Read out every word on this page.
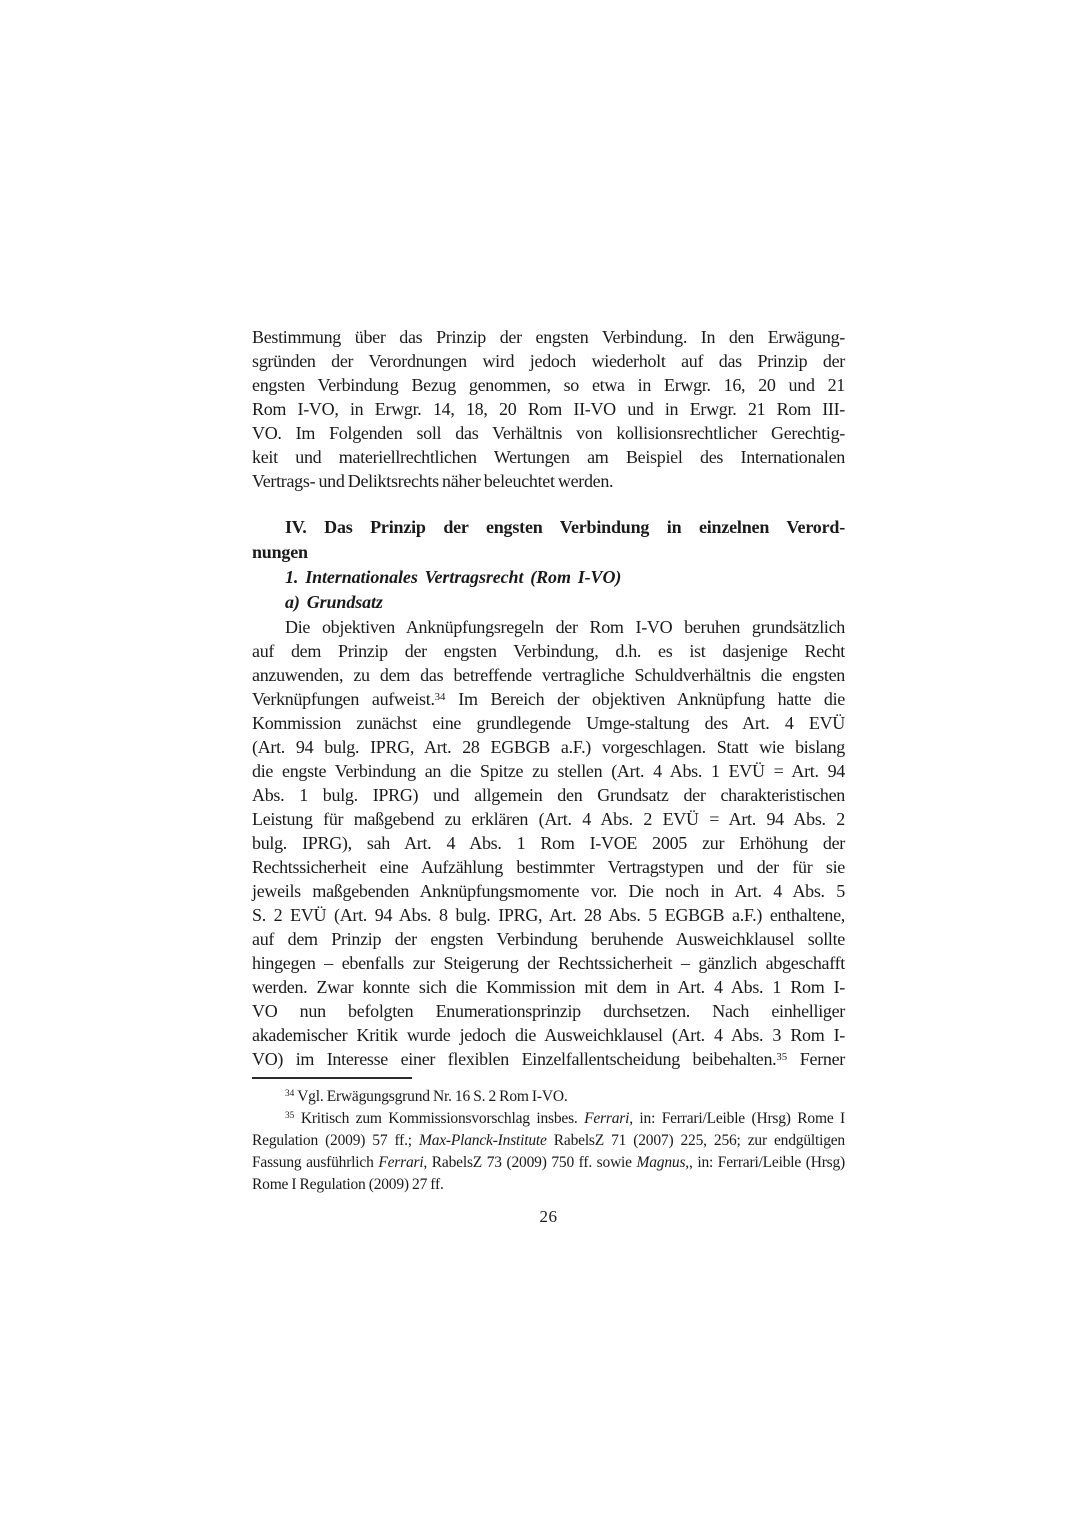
Bestimmung über das Prinzip der engsten Verbindung. In den Erwägung-
sgründen der Verordnungen wird jedoch wiederholt auf das Prinzip der
engsten Verbindung Bezug genommen, so etwa in Erwgr. 16, 20 und 21
Rom I-VO, in Erwgr. 14, 18, 20 Rom II-VO und in Erwgr. 21 Rom III-
VO. Im Folgenden soll das Verhältnis von kollisionsrechtlicher Gerechtig-
keit und materiellrechtlichen Wertungen am Beispiel des Internationalen
Vertrags- und Deliktsrechts näher beleuchtet werden.
IV. Das Prinzip der engsten Verbindung in einzelnen Verord-
nungen
1. Internationales Vertragsrecht (Rom I-VO)
a) Grundsatz
Die objektiven Anknüpfungsregeln der Rom I-VO beruhen grundsätzlich
auf dem Prinzip der engsten Verbindung, d.h. es ist dasjenige Recht
anzuwenden, zu dem das betreffende vertragliche Schuldverhältnis die engsten
Verknüpfungen aufweist.$^{34}$ Im Bereich der objektiven Anknüpfung hatte die
Kommission zunächst eine grundlegende Umge-staltung des Art. 4 EVÜ
(Art. 94 bulg. IPRG, Art. 28 EGBGB a.F.) vorgeschlagen. Statt wie bislang
die engste Verbindung an die Spitze zu stellen (Art. 4 Abs. 1 EVÜ = Art. 94
Abs. 1 bulg. IPRG) und allgemein den Grundsatz der charakteristischen
Leistung für maßgebend zu erklären (Art. 4 Abs. 2 EVÜ = Art. 94 Abs. 2
bulg. IPRG), sah Art. 4 Abs. 1 Rom I-VOE 2005 zur Erhöhung der
Rechtssicherheit eine Aufzählung bestimmter Vertragstypen und der für sie
jeweils maßgebenden Anknüpfungsmomente vor. Die noch in Art. 4 Abs. 5
S. 2 EVÜ (Art. 94 Abs. 8 bulg. IPRG, Art. 28 Abs. 5 EGBGB a.F.) enthaltene,
auf dem Prinzip der engsten Verbindung beruhende Ausweichklausel sollte
hingegen – ebenfalls zur Steigerung der Rechtssicherheit – gänzlich abgeschafft
werden. Zwar konnte sich die Kommission mit dem in Art. 4 Abs. 1 Rom I-
VO nun befolgten Enumerationsprinzip durchsetzen. Nach einhelliger
akademischer Kritik wurde jedoch die Ausweichklausel (Art. 4 Abs. 3 Rom I-
VO) im Interesse einer flexiblen Einzelfallentscheidung beibehalten.$^{35}$ Ferner
$^{34}$ Vgl. Erwägungsgrund Nr. 16 S. 2 Rom I-VO.
$^{35}$ Kritisch zum Kommissionsvorschlag insbes. Ferrari, in: Ferrari/Leible (Hrsg) Rome I Regulation (2009) 57 ff.; Max-Planck-Institute RabelsZ 71 (2007) 225, 256; zur endgültigen Fassung ausführlich Ferrari, RabelsZ 73 (2009) 750 ff. sowie Magnus,, in: Ferrari/Leible (Hrsg) Rome I Regulation (2009) 27 ff.
26
